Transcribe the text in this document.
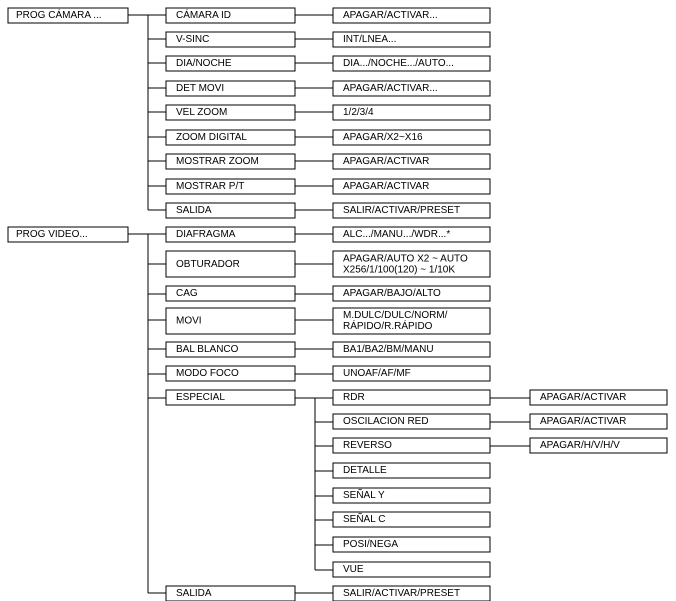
PROG CÁMARA ...	CÁMARA ID	APAGAR/ACTIVAR...
V-SINC	INT/LNEA...
DIA/NOCHE	DIA.../NOCHE.../AUTO...
DET MOVI	APAGAR/ACTIVAR...
VEL ZOOM	1/2/3/4
ZOOM DIGITAL	APAGAR/X2~X16
MOSTRAR ZOOM	APAGAR/ACTIVAR
MOSTRAR P/T	APAGAR/ACTIVAR
SALIDA	SALIR/ACTIVAR/PRESET
PROG VIDEO...	DIAFRAGMA	ALC.../MANU.../WDR...*
OBTURADOR	APAGAR/AUTO X2 ~ AUTO
X256/1/100(120) ~ 1/10K
CAG	APAGAR/BAJO/ALTO
MOVI	M.DULC/DULC/NORM/
RÁPIDO/R.RÁPIDO
BAL BLANCO	BA1/BA2/BM/MANU
MODO FOCO	UNOAF/AF/MF
ESPECIAL	RDR	APAGAR/ACTIVAR
OSCILACION RED	APAGAR/ACTIVAR
REVERSO	APAGAR/H/V/H/V
DETALLE
SEÑAL Y
SEÑAL C
POSI/NEGA
VUE
SALIDA	SALIR/ACTIVAR/PRESET
